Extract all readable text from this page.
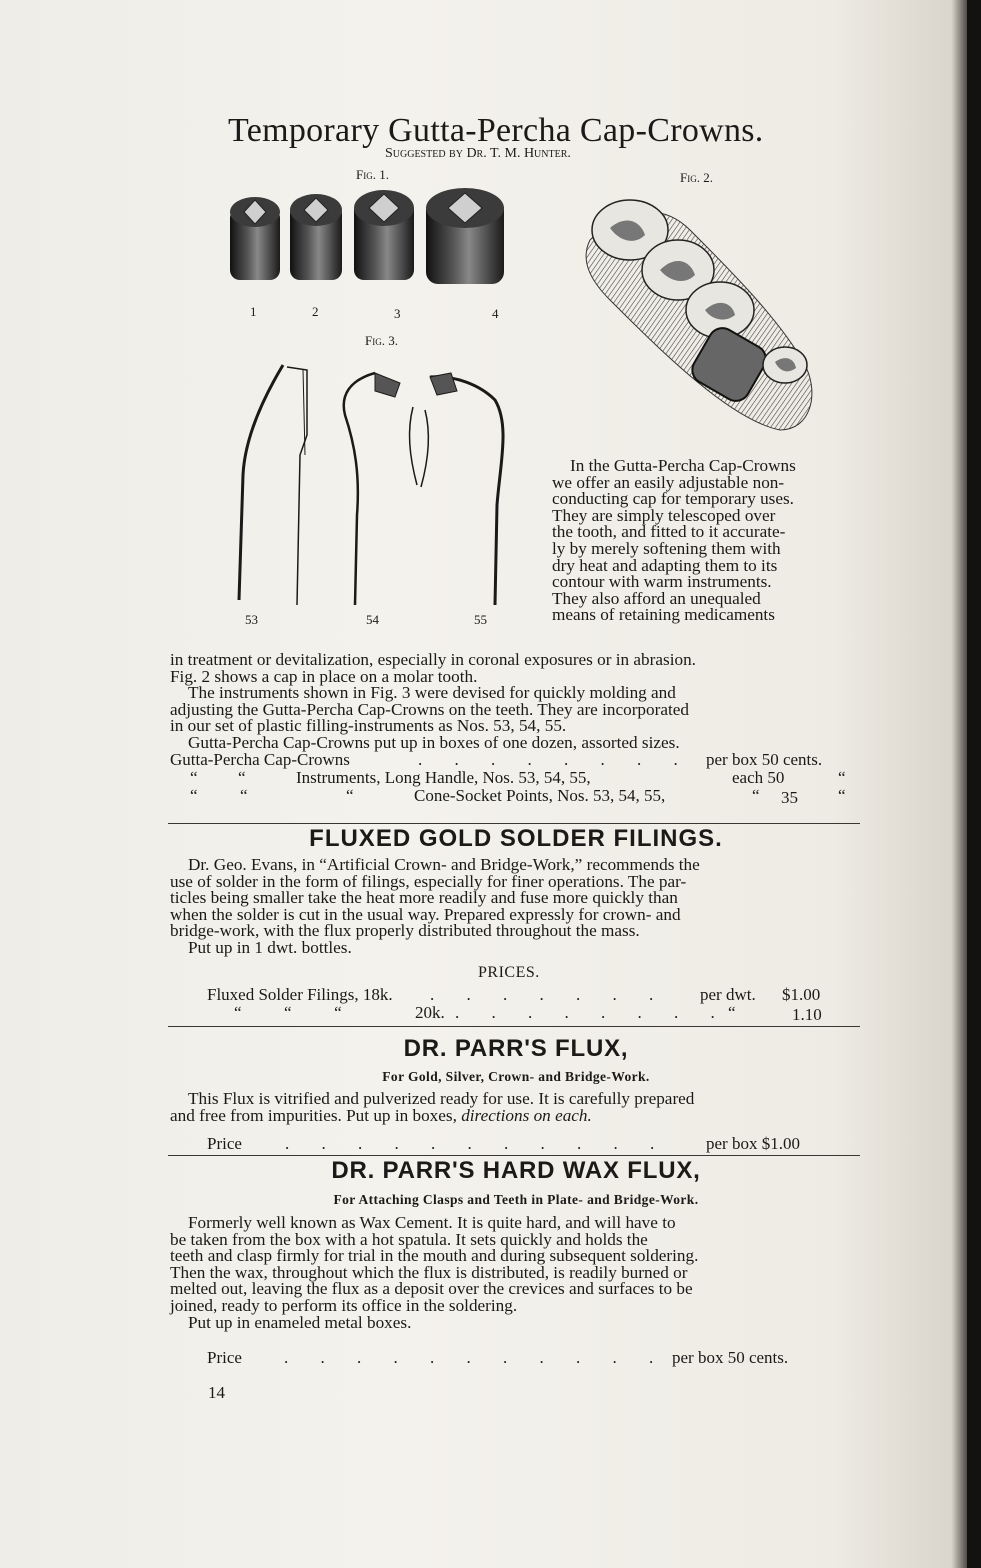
Temporary Gutta-Percha Cap-Crowns.
Suggested by Dr. T. M. Hunter.
Fig. 1.	Fig. 2.
1	2	3	4
Fig. 3.
53	54	55
In the Gutta-Percha Cap-Crowns
we offer an easily adjustable non-
conducting cap for temporary uses.
They are simply telescoped over
the tooth, and fitted to it accurate-
ly by merely softening them with
dry heat and adapting them to its
contour with warm instruments.
They also afford an unequaled
means of retaining medicaments
in treatment or devitalization, especially in coronal exposures or in abrasion.
Fig. 2 shows a cap in place on a molar tooth.
The instruments shown in Fig. 3 were devised for quickly molding and
adjusting the Gutta-Percha Cap-Crowns on the teeth. They are incorporated
in our set of plastic filling-instruments as Nos. 53, 54, 55.
Gutta-Percha Cap-Crowns put up in boxes of one dozen, assorted sizes.
Gutta-Percha Cap-Crowns	. . . . . . . . per box 50 cents.
“ “	Instruments, Long Handle, Nos. 53, 54, 55,	each 50	“
“ “	“	Cone-Socket Points, Nos. 53, 54, 55,	“ 35 “
FLUXED GOLD SOLDER FILINGS.
Dr. Geo. Evans, in “Artificial Crown- and Bridge-Work,” recommends the
use of solder in the form of filings, especially for finer operations. The par-
ticles being smaller take the heat more readily and fuse more quickly than
when the solder is cut in the usual way. Prepared expressly for crown- and
bridge-work, with the flux properly distributed throughout the mass.
Put up in 1 dwt. bottles.
PRICES.
Fluxed Solder Filings, 18k. . . . . . . . per dwt. $1.00
“          “          “	20k. . . . . . . . . “	1.10
DR. PARR'S FLUX,
For Gold, Silver, Crown- and Bridge-Work.
This Flux is vitrified and pulverized ready for use. It is carefully prepared
and free from impurities. Put up in boxes, directions on each.
Price	. . . . . . . . . . . per box $1.00
DR. PARR'S HARD WAX FLUX,
For Attaching Clasps and Teeth in Plate- and Bridge-Work.
Formerly well known as Wax Cement. It is quite hard, and will have to
be taken from the box with a hot spatula. It sets quickly and holds the
teeth and clasp firmly for trial in the mouth and during subsequent soldering.
Then the wax, throughout which the flux is distributed, is readily burned or
melted out, leaving the flux as a deposit over the crevices and surfaces to be
joined, ready to perform its office in the soldering.
Put up in enameled metal boxes.
Price . . . . . . . . . . . per box 50 cents.
14
